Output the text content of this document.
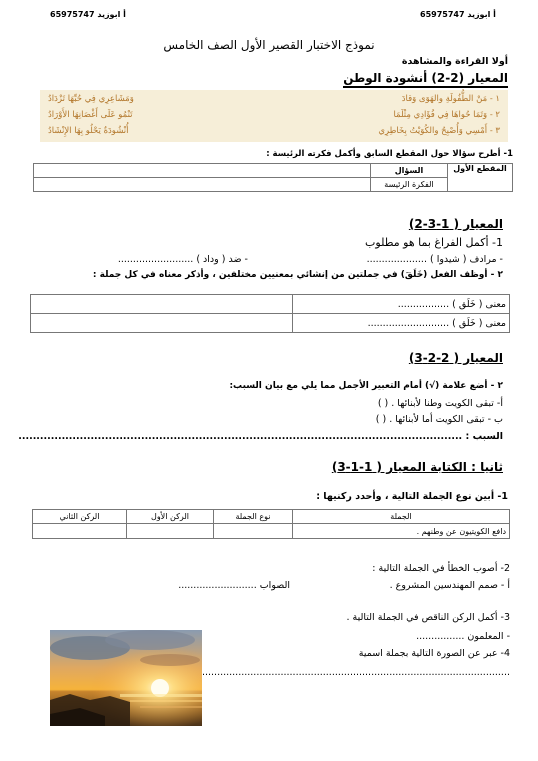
أ ابوزيد 65975747	أ ابوزيد 65975747
نموذج الاختبار القصير الأول الصف الخامس
أولا القراءة والمشاهدة
المعيار (2-2) أنشودة الوطن
١ - مَنْ الطُّفُولَةِ والهَوَى وَقادَ
وَمَشَاعِرِي فِي حُبِّهَا تَزْدَادُ
٢ - وَتَمَا حُواهَا فِي فُؤَادِي مِثْلَمَا
تَنْمُو عَلَى أَغْصَانِهَا الأَوْرَادُ
٣ - أَمْسِي وَأُصْبِحُ والكُوَيْتُ بِخَاطِرِي
أُنْشُودَةٌ يَحْلُو بِهَا الإِنْشَادُ
1- أطرح سؤالا حول المقطع السابق وأكمل فكرته الرئيسة :
المقطع الأول	السؤال	
	الفكرة الرئيسة	
المعيار ( 1-3-2)
1- أكمل الفراغ بما هو مطلوب
- مرادف ( شيدوا ) ....................
- ضد ( وداد ) .........................
٢ - أوظف الفعل (خَلَقَ) في جملتين من إنشائي بمعنيين مختلفين ، وأذكر معناه في كل جملة :
معنى ( خَلَق ) .................	
معنى ( خَلَق ) ...........................	
المعيار ( 2-2-3)
٢ - أضع علامة (√) أمام التعبير الأجمل مما يلي مع بيان السبب:
أ- تبقى الكويت وطنا لأبنائها . ( )
ب - تبقى الكويت أما لأبنائها . ( )
السبب : ...........................................................................................................................
ثانيا : الكتابة المعيار ( 1-1-3)
1- أبين نوع الجملة التالية ، وأحدد ركنيها :
الجملة	نوع الجملة	الركن الأول	الركن الثاني
دافع الكويتيون عن وطنهم .			
2- أصوب الخطأ في الجملة التالية :
أ - صمم المهندسين المشروع .
الصواب ..........................
3- أكمل الركن الناقص في الجملة التالية .
- المعلمون ................
4- عبر عن الصورة التالية بجملة اسمية
......................................................................................................
